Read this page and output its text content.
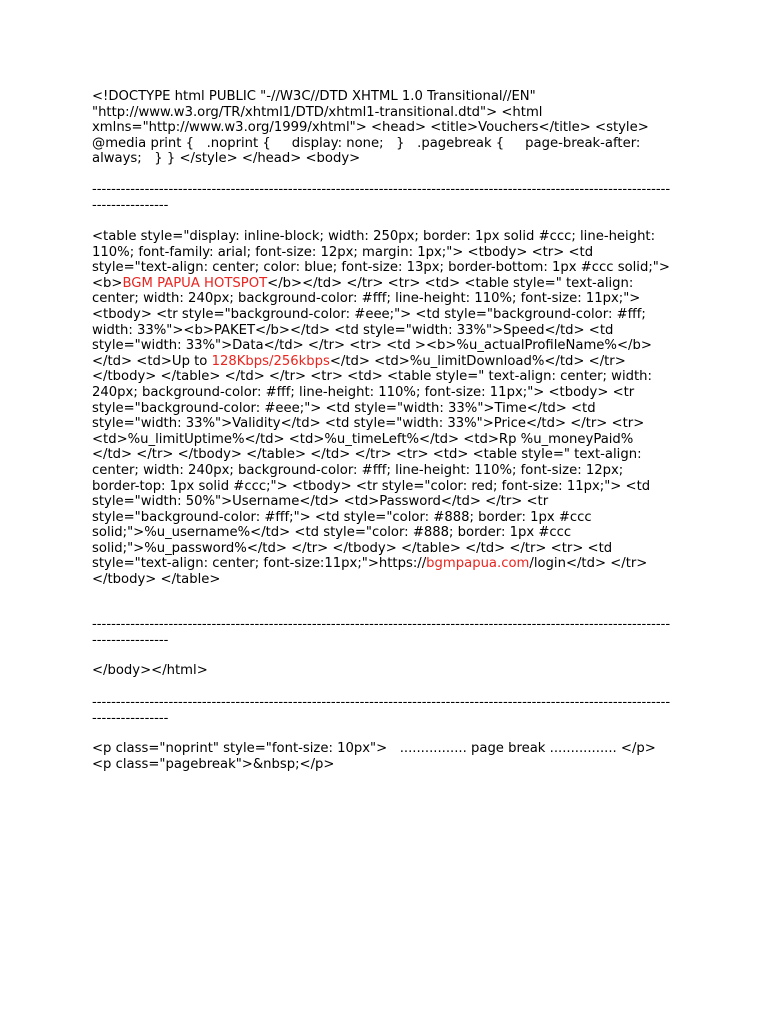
<!DOCTYPE html PUBLIC "-//W3C//DTD XHTML 1.0 Transitional//EN" "http://www.w3.org/TR/xhtml1/DTD/xhtml1-transitional.dtd"> <html xmlns="http://www.w3.org/1999/xhtml"> <head> <title>Vouchers</title> <style> @media print {   .noprint {     display: none;   }   .pagebreak {     page-break-after: always;   } } </style> </head> <body>

-----------------------------------------------------------------------------------------------------------------------------------------

<table style="display: inline-block; width: 250px; border: 1px solid #ccc; line-height: 110%; font-family: arial; font-size: 12px; margin: 1px;"> <tbody> <tr> <td style="text-align: center; color: blue; font-size: 13px; border-bottom: 1px #ccc solid;"><b>BGM PAPUA HOTSPOT</b></td> </tr> <tr> <td> <table style=" text-align: center; width: 240px; background-color: #fff; line-height: 110%; font-size: 11px;"> <tbody> <tr style="background-color: #eee;"> <td style="background-color: #fff; width: 33%"><b>PAKET</b></td> <td style="width: 33%">Speed</td> <td style="width: 33%">Data</td> </tr> <tr> <td ><b>%u_actualProfileName%</b></td> <td>Up to 128Kbps/256kbps</td> <td>%u_limitDownload%</td> </tr> </tbody> </table> </td> </tr> <tr> <td> <table style=" text-align: center; width: 240px; background-color: #fff; line-height: 110%; font-size: 11px;"> <tbody> <tr style="background-color: #eee;"> <td style="width: 33%">Time</td> <td style="width: 33%">Validity</td> <td style="width: 33%">Price</td> </tr> <tr> <td>%u_limitUptime%</td> <td>%u_timeLeft%</td> <td>Rp %u_moneyPaid%</td> </tr> </tbody> </table> </td> </tr> <tr> <td> <table style=" text-align: center; width: 240px; background-color: #fff; line-height: 110%; font-size: 12px; border-top: 1px solid #ccc;"> <tbody> <tr style="color: red; font-size: 11px;"> <td style="width: 50%">Username</td> <td>Password</td> </tr> <tr style="background-color: #fff;"> <td style="color: #888; border: 1px #ccc solid;">%u_username%</td> <td style="color: #888; border: 1px #ccc solid;">%u_password%</td> </tr> </tbody> </table> </td> </tr> <tr> <td style="text-align: center; font-size:11px;">https://bgmpapua.com/login</td> </tr> </tbody> </table>

-----------------------------------------------------------------------------------------------------------------------------------------

</body></html>

-----------------------------------------------------------------------------------------------------------------------------------------

<p class="noprint" style="font-size: 10px">   ................ page break ................ </p> <p class="pagebreak">&nbsp;</p>
